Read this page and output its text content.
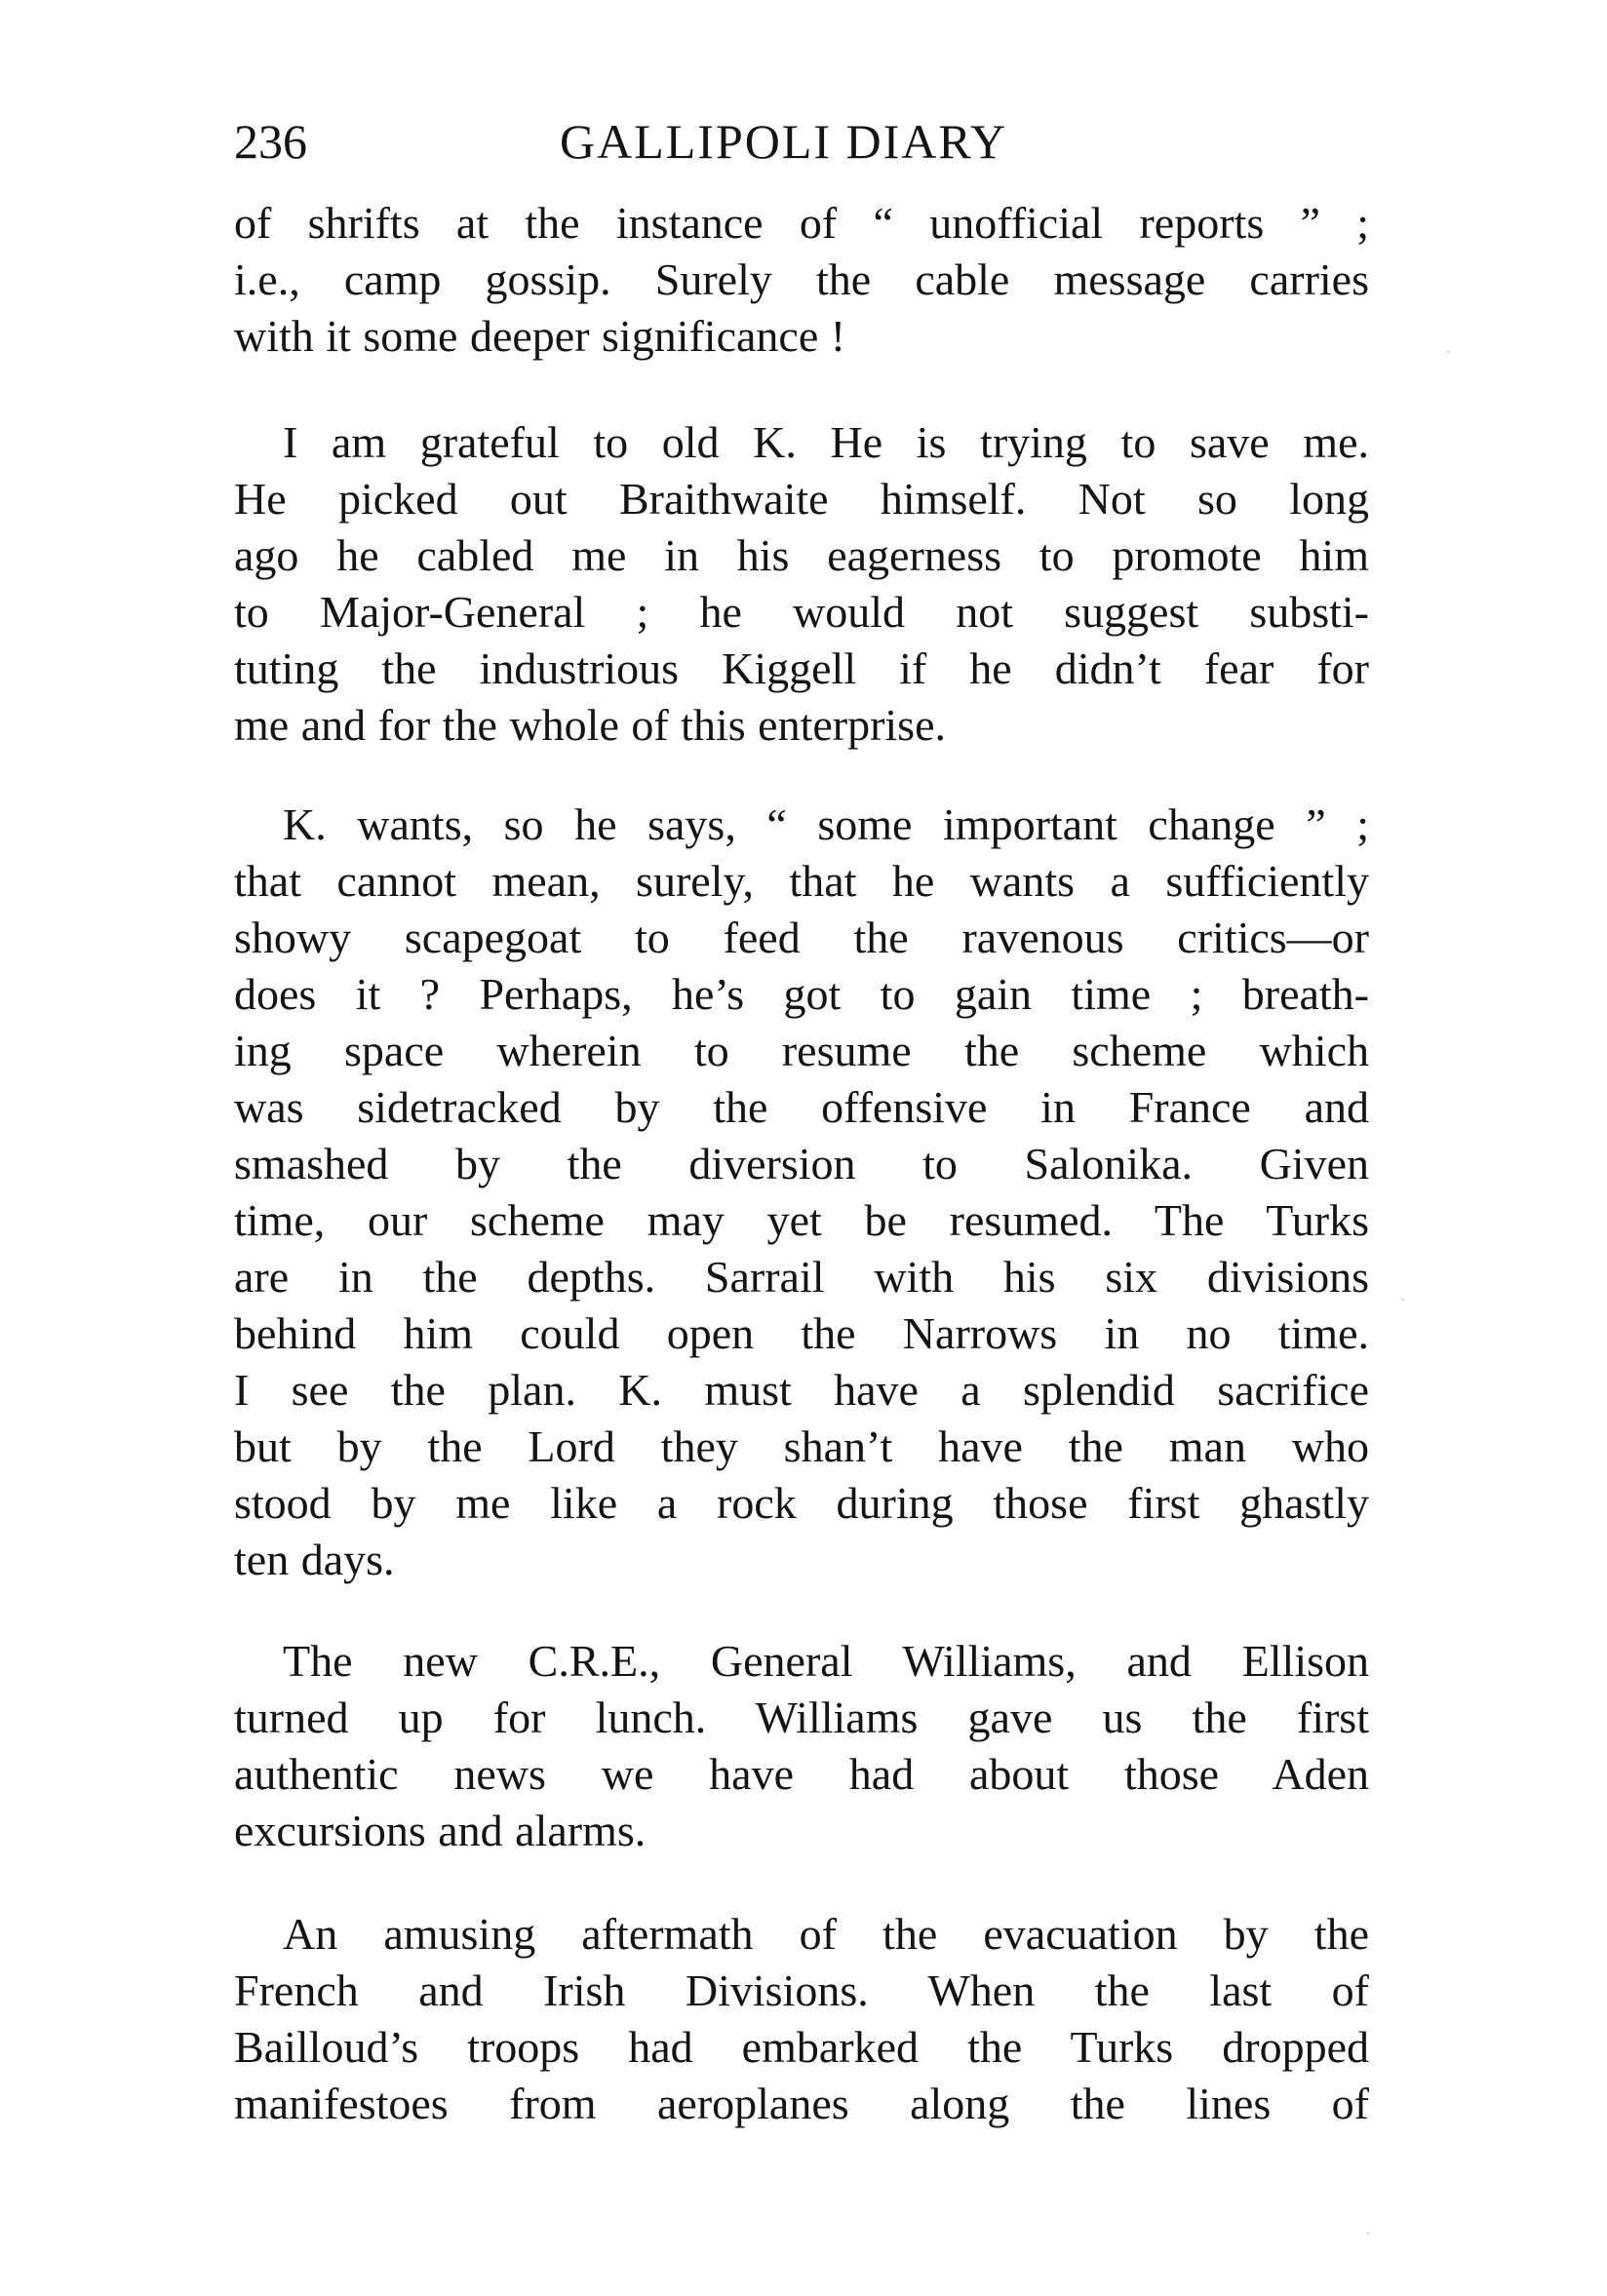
236	GALLIPOLI DIARY
of shrifts at the instance of “ unofficial reports ” ;
i.e., camp gossip. Surely the cable message carries
with it some deeper significance !
I am grateful to old K. He is trying to save me.
He picked out Braithwaite himself. Not so long
ago he cabled me in his eagerness to promote him
to Major-General ; he would not suggest substi-
tuting the industrious Kiggell if he didn’t fear for
me and for the whole of this enterprise.
K. wants, so he says, “ some important change ” ;
that cannot mean, surely, that he wants a sufficiently
showy scapegoat to feed the ravenous critics—or
does it ? Perhaps, he’s got to gain time ; breath-
ing space wherein to resume the scheme which
was sidetracked by the offensive in France and
smashed by the diversion to Salonika. Given
time, our scheme may yet be resumed. The Turks
are in the depths. Sarrail with his six divisions
behind him could open the Narrows in no time.
I see the plan. K. must have a splendid sacrifice
but by the Lord they shan’t have the man who
stood by me like a rock during those first ghastly
ten days.
The new C.R.E., General Williams, and Ellison
turned up for lunch. Williams gave us the first
authentic news we have had about those Aden
excursions and alarms.
An amusing aftermath of the evacuation by the
French and Irish Divisions. When the last of
Bailloud’s troops had embarked the Turks dropped
manifestoes from aeroplanes along the lines of
